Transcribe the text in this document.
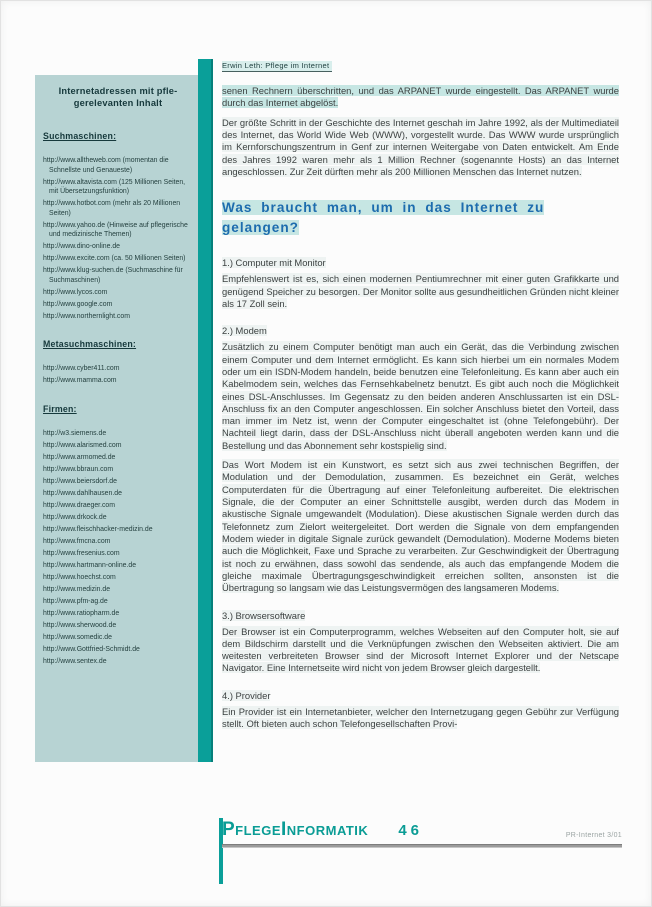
Internetadressen mit pfle-gerelevanten Inhalt
Suchmaschinen:
http://www.alltheweb.com (momentan die Schnellste und Genaueste)
http://www.altavista.com (125 Millionen Seiten, mit Übersetzungsfunktion)
http://www.hotbot.com (mehr als 20 Millionen Seiten)
http://www.yahoo.de (Hinweise auf pflegerische und medizinische Themen)
http://www.dino-online.de
http://www.excite.com (ca. 50 Millionen Seiten)
http://www.klug-suchen.de (Suchmaschine für Suchmaschinen)
http://www.lycos.com
http://www.google.com
http://www.northernlight.com
Metasuchmaschinen:
http://www.cyber411.com
http://www.mamma.com
Firmen:
http://w3.siemens.de
http://www.alarismed.com
http://www.armomed.de
http://www.bbraun.com
http://www.beiersdorf.de
http://www.dahlhausen.de
http://www.draeger.com
http://www.drkock.de
http://www.fleischhacker-medizin.de
http://www.fmcna.com
http://www.fresenius.com
http://www.hartmann-online.de
http://www.hoechst.com
http://www.medizin.de
http://www.pfm-ag.de
http://www.ratiopharm.de
http://www.sherwood.de
http://www.somedic.de
http://www.Gottfried-Schmidt.de
http://www.sentex.de
Erwin Leth: Pflege im Internet
senen Rechnern überschritten, und das ARPANET wurde eingestellt. Das ARPANET wurde durch das Internet abgelöst.
Der größte Schritt in der Geschichte des Internet geschah im Jahre 1992, als der Multimediateil des Internet, das World Wide Web (WWW), vorgestellt wurde. Das WWW wurde ursprünglich im Kernforschungszentrum in Genf zur internen Weitergabe von Daten entwickelt. Am Ende des Jahres 1992 waren mehr als 1 Million Rechner (sogenannte Hosts) an das Internet angeschlossen. Zur Zeit dürften mehr als 200 Millionen Menschen das Internet nutzen.
Was braucht man, um in das Internet zu gelangen?
1.) Computer mit Monitor
Empfehlenswert ist es, sich einen modernen Pentiumrechner mit einer guten Grafikkarte und genügend Speicher zu besorgen. Der Monitor sollte aus gesundheitlichen Gründen nicht kleiner als 17 Zoll sein.
2.) Modem
Zusätzlich zu einem Computer benötigt man auch ein Gerät, das die Verbindung zwischen einem Computer und dem Internet ermöglicht. Es kann sich hierbei um ein normales Modem oder um ein ISDN-Modem handeln, beide benutzen eine Telefonleitung. Es kann aber auch ein Kabelmodem sein, welches das Fernsehkabelnetz benutzt. Es gibt auch noch die Möglichkeit eines DSL-Anschlusses. Im Gegensatz zu den beiden anderen Anschlussarten ist ein DSL-Anschluss fix an den Computer angeschlossen. Ein solcher Anschluss bietet den Vorteil, dass man immer im Netz ist, wenn der Computer eingeschaltet ist (ohne Telefongebühr). Der Nachteil liegt darin, dass der DSL-Anschluss nicht überall angeboten werden kann und die Bestellung und das Abonnement sehr kostspielig sind.
Das Wort Modem ist ein Kunstwort, es setzt sich aus zwei technischen Begriffen, der Modulation und der Demodulation, zusammen. Es bezeichnet ein Gerät, welches Computerdaten für die Übertragung auf einer Telefonleitung aufbereitet. Die elektrischen Signale, die der Computer an einer Schnittstelle ausgibt, werden durch das Modem in akustische Signale umgewandelt (Modulation). Diese akustischen Signale werden durch das Telefonnetz zum Zielort weitergeleitet. Dort werden die Signale von dem empfangenden Modem wieder in digitale Signale zurück gewandelt (Demodulation). Moderne Modems bieten auch die Möglichkeit, Faxe und Sprache zu verarbeiten. Zur Geschwindigkeit der Übertragung ist noch zu erwähnen, dass sowohl das sendende, als auch das empfangende Modem die gleiche maximale Übertragungsgeschwindigkeit erreichen sollten, ansonsten ist die Übertragung so langsam wie das Leistungsvermögen des langsameren Modems.
3.) Browsersoftware
Der Browser ist ein Computerprogramm, welches Webseiten auf den Computer holt, sie auf dem Bildschirm darstellt und die Verknüpfungen zwischen den Webseiten aktiviert. Die am weitesten verbreiteten Browser sind der Microsoft Internet Explorer und der Netscape Navigator. Eine Internetseite wird nicht von jedem Browser gleich dargestellt.
4.) Provider
Ein Provider ist ein Internetanbieter, welcher den Internetzugang gegen Gebühr zur Verfügung stellt. Oft bieten auch schon Telefongesellschaften Provi-
PflegeInformatik 46	PR-Internet 3/01
